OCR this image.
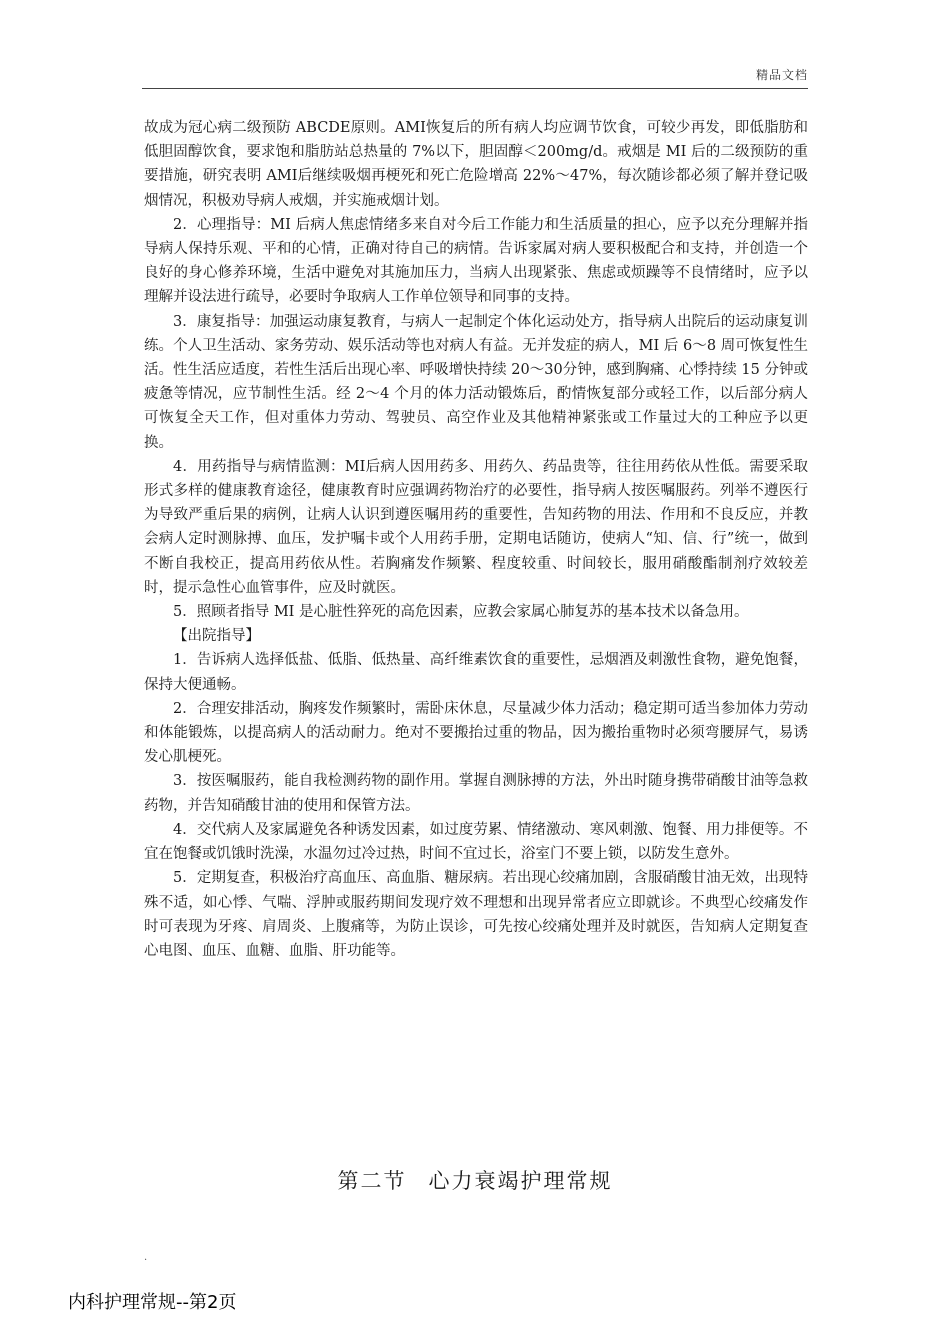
精品文档

故成为冠心病二级预防 ABCDE原则。AMI恢复后的所有病人均应调节饮食，可较少再发，即低脂肪和低胆固醇饮食，要求饱和脂肪站总热量的 7%以下，胆固醇＜200mg/d。戒烟是 MI 后的二级预防的重要措施，研究表明 AMI后继续吸烟再梗死和死亡危险增高 22%～47%，每次随诊都必须了解并登记吸烟情况，积极劝导病人戒烟，并实施戒烟计划。

2．心理指导：MI 后病人焦虑情绪多来自对今后工作能力和生活质量的担心，应予以充分理解并指导病人保持乐观、平和的心情，正确对待自己的病情。告诉家属对病人要积极配合和支持，并创造一个良好的身心修养环境，生活中避免对其施加压力，当病人出现紧张、焦虑或烦躁等不良情绪时，应予以理解并设法进行疏导，必要时争取病人工作单位领导和同事的支持。

3．康复指导：加强运动康复教育，与病人一起制定个体化运动处方，指导病人出院后的运动康复训练。个人卫生活动、家务劳动、娱乐活动等也对病人有益。无并发症的病人，MI 后 6～8 周可恢复性生活。性生活应适度，若性生活后出现心率、呼吸增快持续 20～30分钟，感到胸痛、心悸持续 15 分钟或疲惫等情况，应节制性生活。经 2～4 个月的体力活动锻炼后，酌情恢复部分或轻工作，以后部分病人可恢复全天工作，但对重体力劳动、驾驶员、高空作业及其他精神紧张或工作量过大的工种应予以更换。

4．用药指导与病情监测：MI后病人因用药多、用药久、药品贵等，往往用药依从性低。需要采取形式多样的健康教育途径，健康教育时应强调药物治疗的必要性，指导病人按医嘱服药。列举不遵医行为导致严重后果的病例，让病人认识到遵医嘱用药的重要性，告知药物的用法、作用和不良反应，并教会病人定时测脉搏、血压，发护嘱卡或个人用药手册，定期电话随访，使病人“知、信、行”统一，做到不断自我校正，提高用药依从性。若胸痛发作频繁、程度较重、时间较长，服用硝酸酯制剂疗效较差时，提示急性心血管事件，应及时就医。

5．照顾者指导 MI 是心脏性猝死的高危因素，应教会家属心肺复苏的基本技术以备急用。

【出院指导】

1．告诉病人选择低盐、低脂、低热量、高纤维素饮食的重要性，忌烟酒及刺激性食物，避免饱餐，保持大便通畅。

2．合理安排活动，胸疼发作频繁时，需卧床休息，尽量减少体力活动；稳定期可适当参加体力劳动和体能锻炼，以提高病人的活动耐力。绝对不要搬抬过重的物品，因为搬抬重物时必须弯腰屏气，易诱发心肌梗死。

3．按医嘱服药，能自我检测药物的副作用。掌握自测脉搏的方法，外出时随身携带硝酸甘油等急救药物，并告知硝酸甘油的使用和保管方法。

4．交代病人及家属避免各种诱发因素，如过度劳累、情绪激动、寒风刺激、饱餐、用力排便等。不宜在饱餐或饥饿时洗澡，水温勿过冷过热，时间不宜过长，浴室门不要上锁，以防发生意外。

5．定期复查，积极治疗高血压、高血脂、糖尿病。若出现心绞痛加剧，含服硝酸甘油无效，出现特殊不适，如心悸、气喘、浮肿或服药期间发现疗效不理想和出现异常者应立即就诊。不典型心绞痛发作时可表现为牙疼、肩周炎、上腹痛等，为防止误诊，可先按心绞痛处理并及时就医，告知病人定期复查心电图、血压、血糖、血脂、肝功能等。

第二节 心力衰竭护理常规
.
内科护理常规--第2页
